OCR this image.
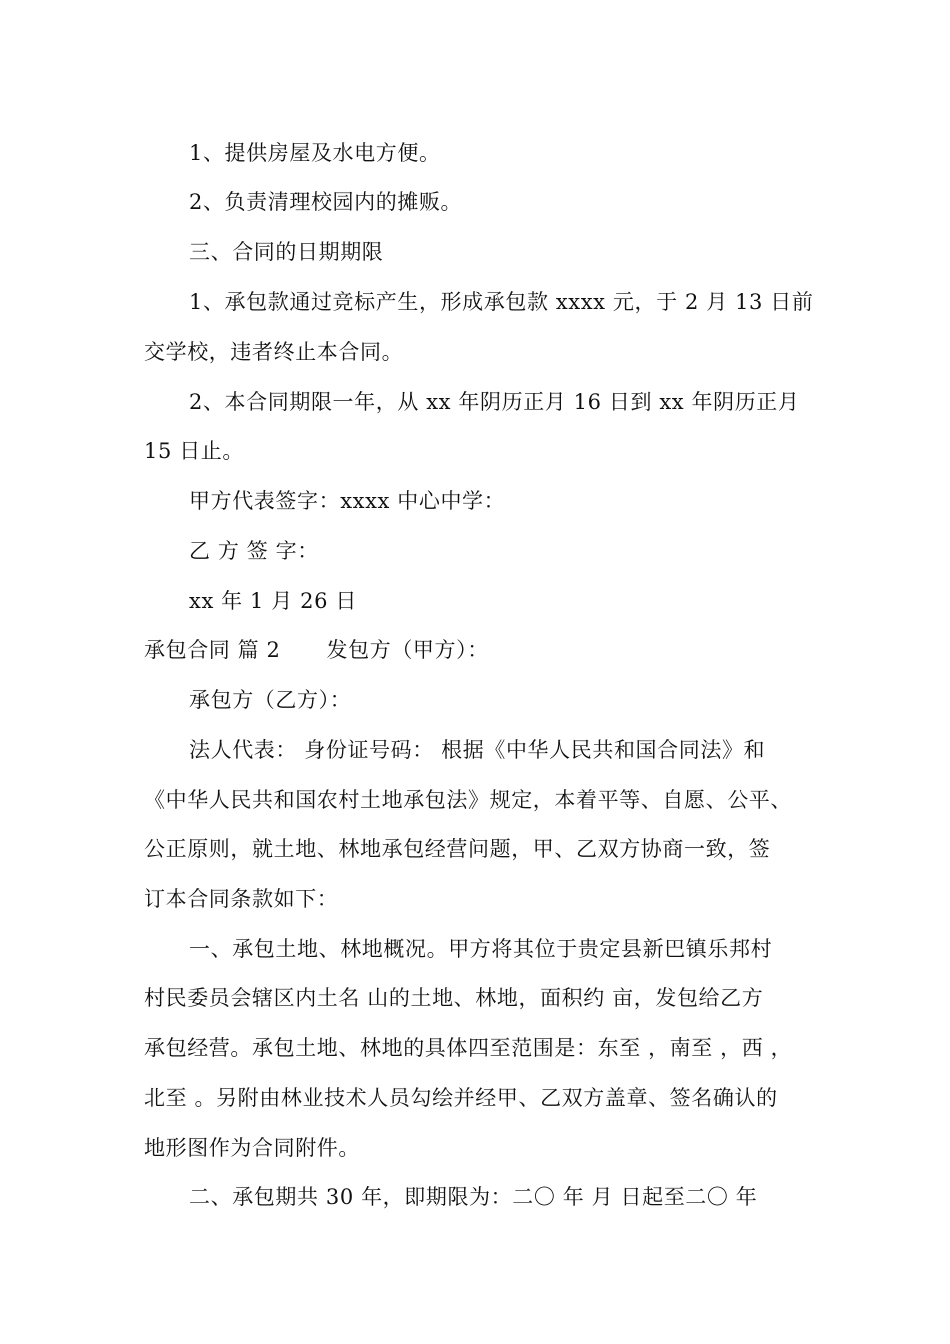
1、提供房屋及水电方便。
2、负责清理校园内的摊贩。
三、合同的日期期限
1、承包款通过竞标产生，形成承包款 xxxx 元，于 2 月 13 日前
交学校，违者终止本合同。
2、本合同期限一年，从 xx 年阴历正月 16 日到 xx 年阴历正月
15 日止。
甲方代表签字：xxxx 中心中学：
乙 方 签 字：
xx 年 1 月 26 日
承包合同 篇 2 发包方（甲方）：
承包方（乙方）：
法人代表： 身份证号码： 根据《中华人民共和国合同法》和
《中华人民共和国农村土地承包法》规定，本着平等、自愿、公平、
公正原则，就土地、林地承包经营问题，甲、乙双方协商一致，签
订本合同条款如下：
一、承包土地、林地概况。甲方将其位于贵定县新巴镇乐邦村
村民委员会辖区内土名 山的土地、林地，面积约 亩，发包给乙方
承包经营。承包土地、林地的具体四至范围是：东至 ，南至 ，西 ，
北至 。另附由林业技术人员勾绘并经甲、乙双方盖章、签名确认的
地形图作为合同附件。
二、承包期共 30 年，即期限为：二〇 年 月 日起至二〇 年
